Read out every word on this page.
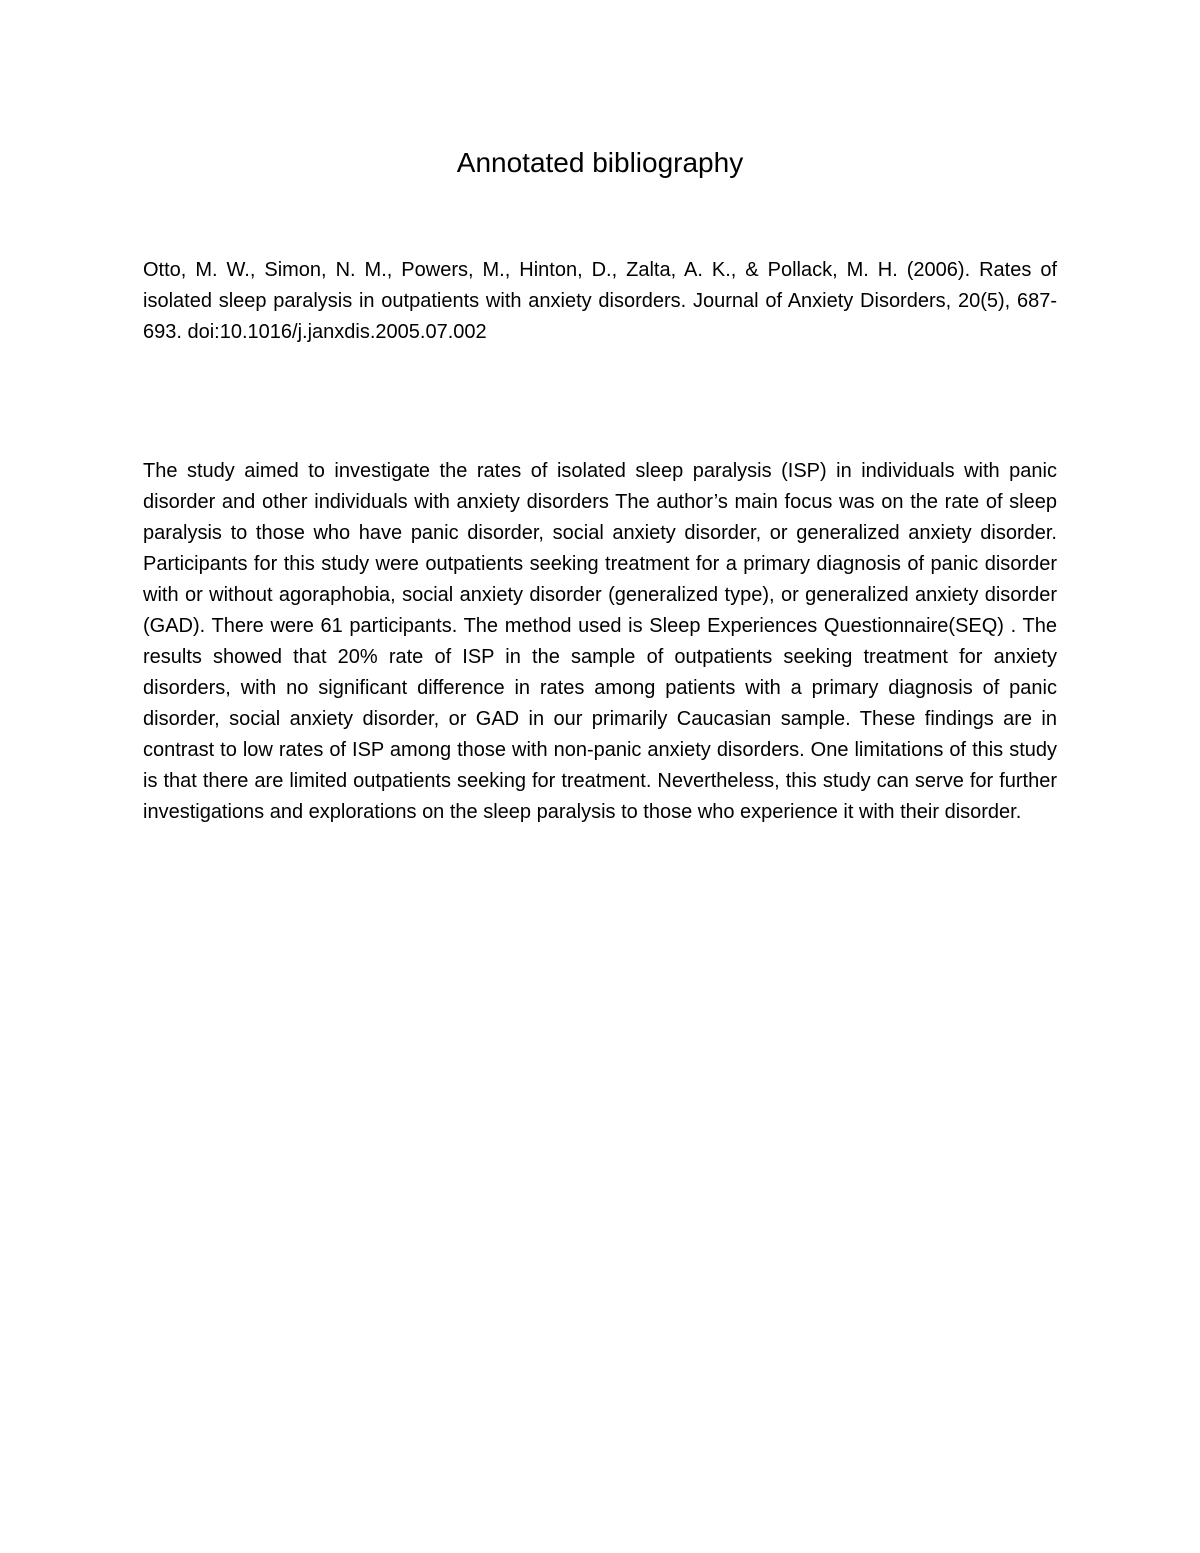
Annotated bibliography

Otto, M. W., Simon, N. M., Powers, M., Hinton, D., Zalta, A. K., & Pollack, M. H. (2006). Rates of isolated sleep paralysis in outpatients with anxiety disorders. Journal of Anxiety Disorders, 20(5), 687-693. doi:10.1016/j.janxdis.2005.07.002

The study aimed to investigate the rates of isolated sleep paralysis (ISP) in individuals with panic disorder and other individuals with anxiety disorders The author’s main focus was on the rate of sleep paralysis to those who have panic disorder, social anxiety disorder, or generalized anxiety disorder. Participants for this study were outpatients seeking treatment for a primary diagnosis of panic disorder with or without agoraphobia, social anxiety disorder (generalized type), or generalized anxiety disorder (GAD). There were 61 participants. The method used is Sleep Experiences Questionnaire(SEQ) . The results showed that 20% rate of ISP in the sample of outpatients seeking treatment for anxiety disorders, with no significant difference in rates among patients with a primary diagnosis of panic disorder, social anxiety disorder, or GAD in our primarily Caucasian sample. These findings are in contrast to low rates of ISP among those with non-panic anxiety disorders. One limitations of this study is that there are limited outpatients seeking for treatment. Nevertheless, this study can serve for further investigations and explorations on the sleep paralysis to those who experience it with their disorder.
